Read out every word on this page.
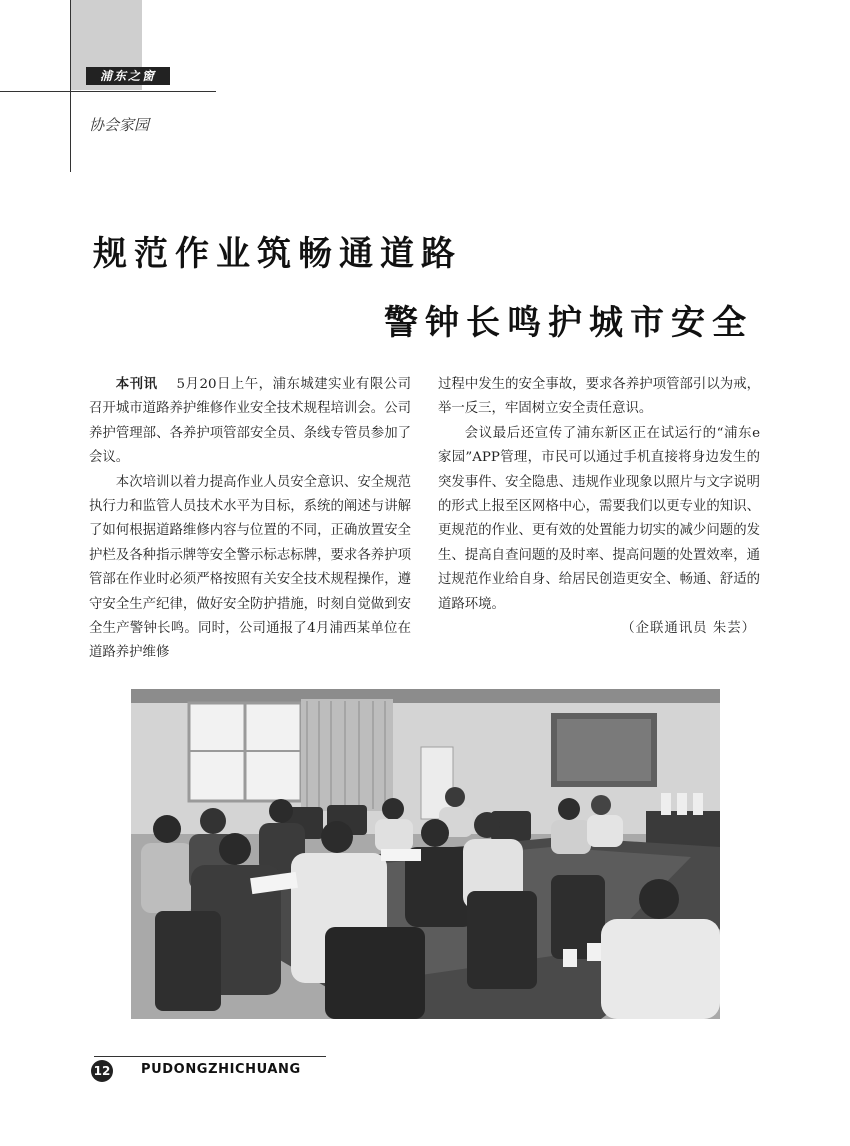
浦东之窗
协会家园
规范作业筑畅通道路
警钟长鸣护城市安全

本刊讯 5月20日上午，浦东城建实业有限公司召开城市道路养护维修作业安全技术规程培训会。公司养护管理部、各养护项管部安全员、条线专管员参加了会议。

本次培训以着力提高作业人员安全意识、安全规范执行力和监管人员技术水平为目标，系统的阐述与讲解了如何根据道路维修内容与位置的不同，正确放置安全护栏及各种指示牌等安全警示标志标牌，要求各养护项管部在作业时必须严格按照有关安全技术规程操作，遵守安全生产纪律，做好安全防护措施，时刻自觉做到安全生产警钟长鸣。同时，公司通报了4月浦西某单位在道路养护维修

过程中发生的安全事故，要求各养护项管部引以为戒，举一反三，牢固树立安全责任意识。

会议最后还宣传了浦东新区正在试运行的“浦东e家园”APP管理，市民可以通过手机直接将身边发生的突发事件、安全隐患、违规作业现象以照片与文字说明的形式上报至区网格中心，需要我们以更专业的知识、更规范的作业、更有效的处置能力切实的减少问题的发生、提高自查问题的及时率、提高问题的处置效率，通过规范作业给自身、给居民创造更安全、畅通、舒适的道路环境。

（企联通讯员 朱芸）

12 PUDONGZHICHUANG
